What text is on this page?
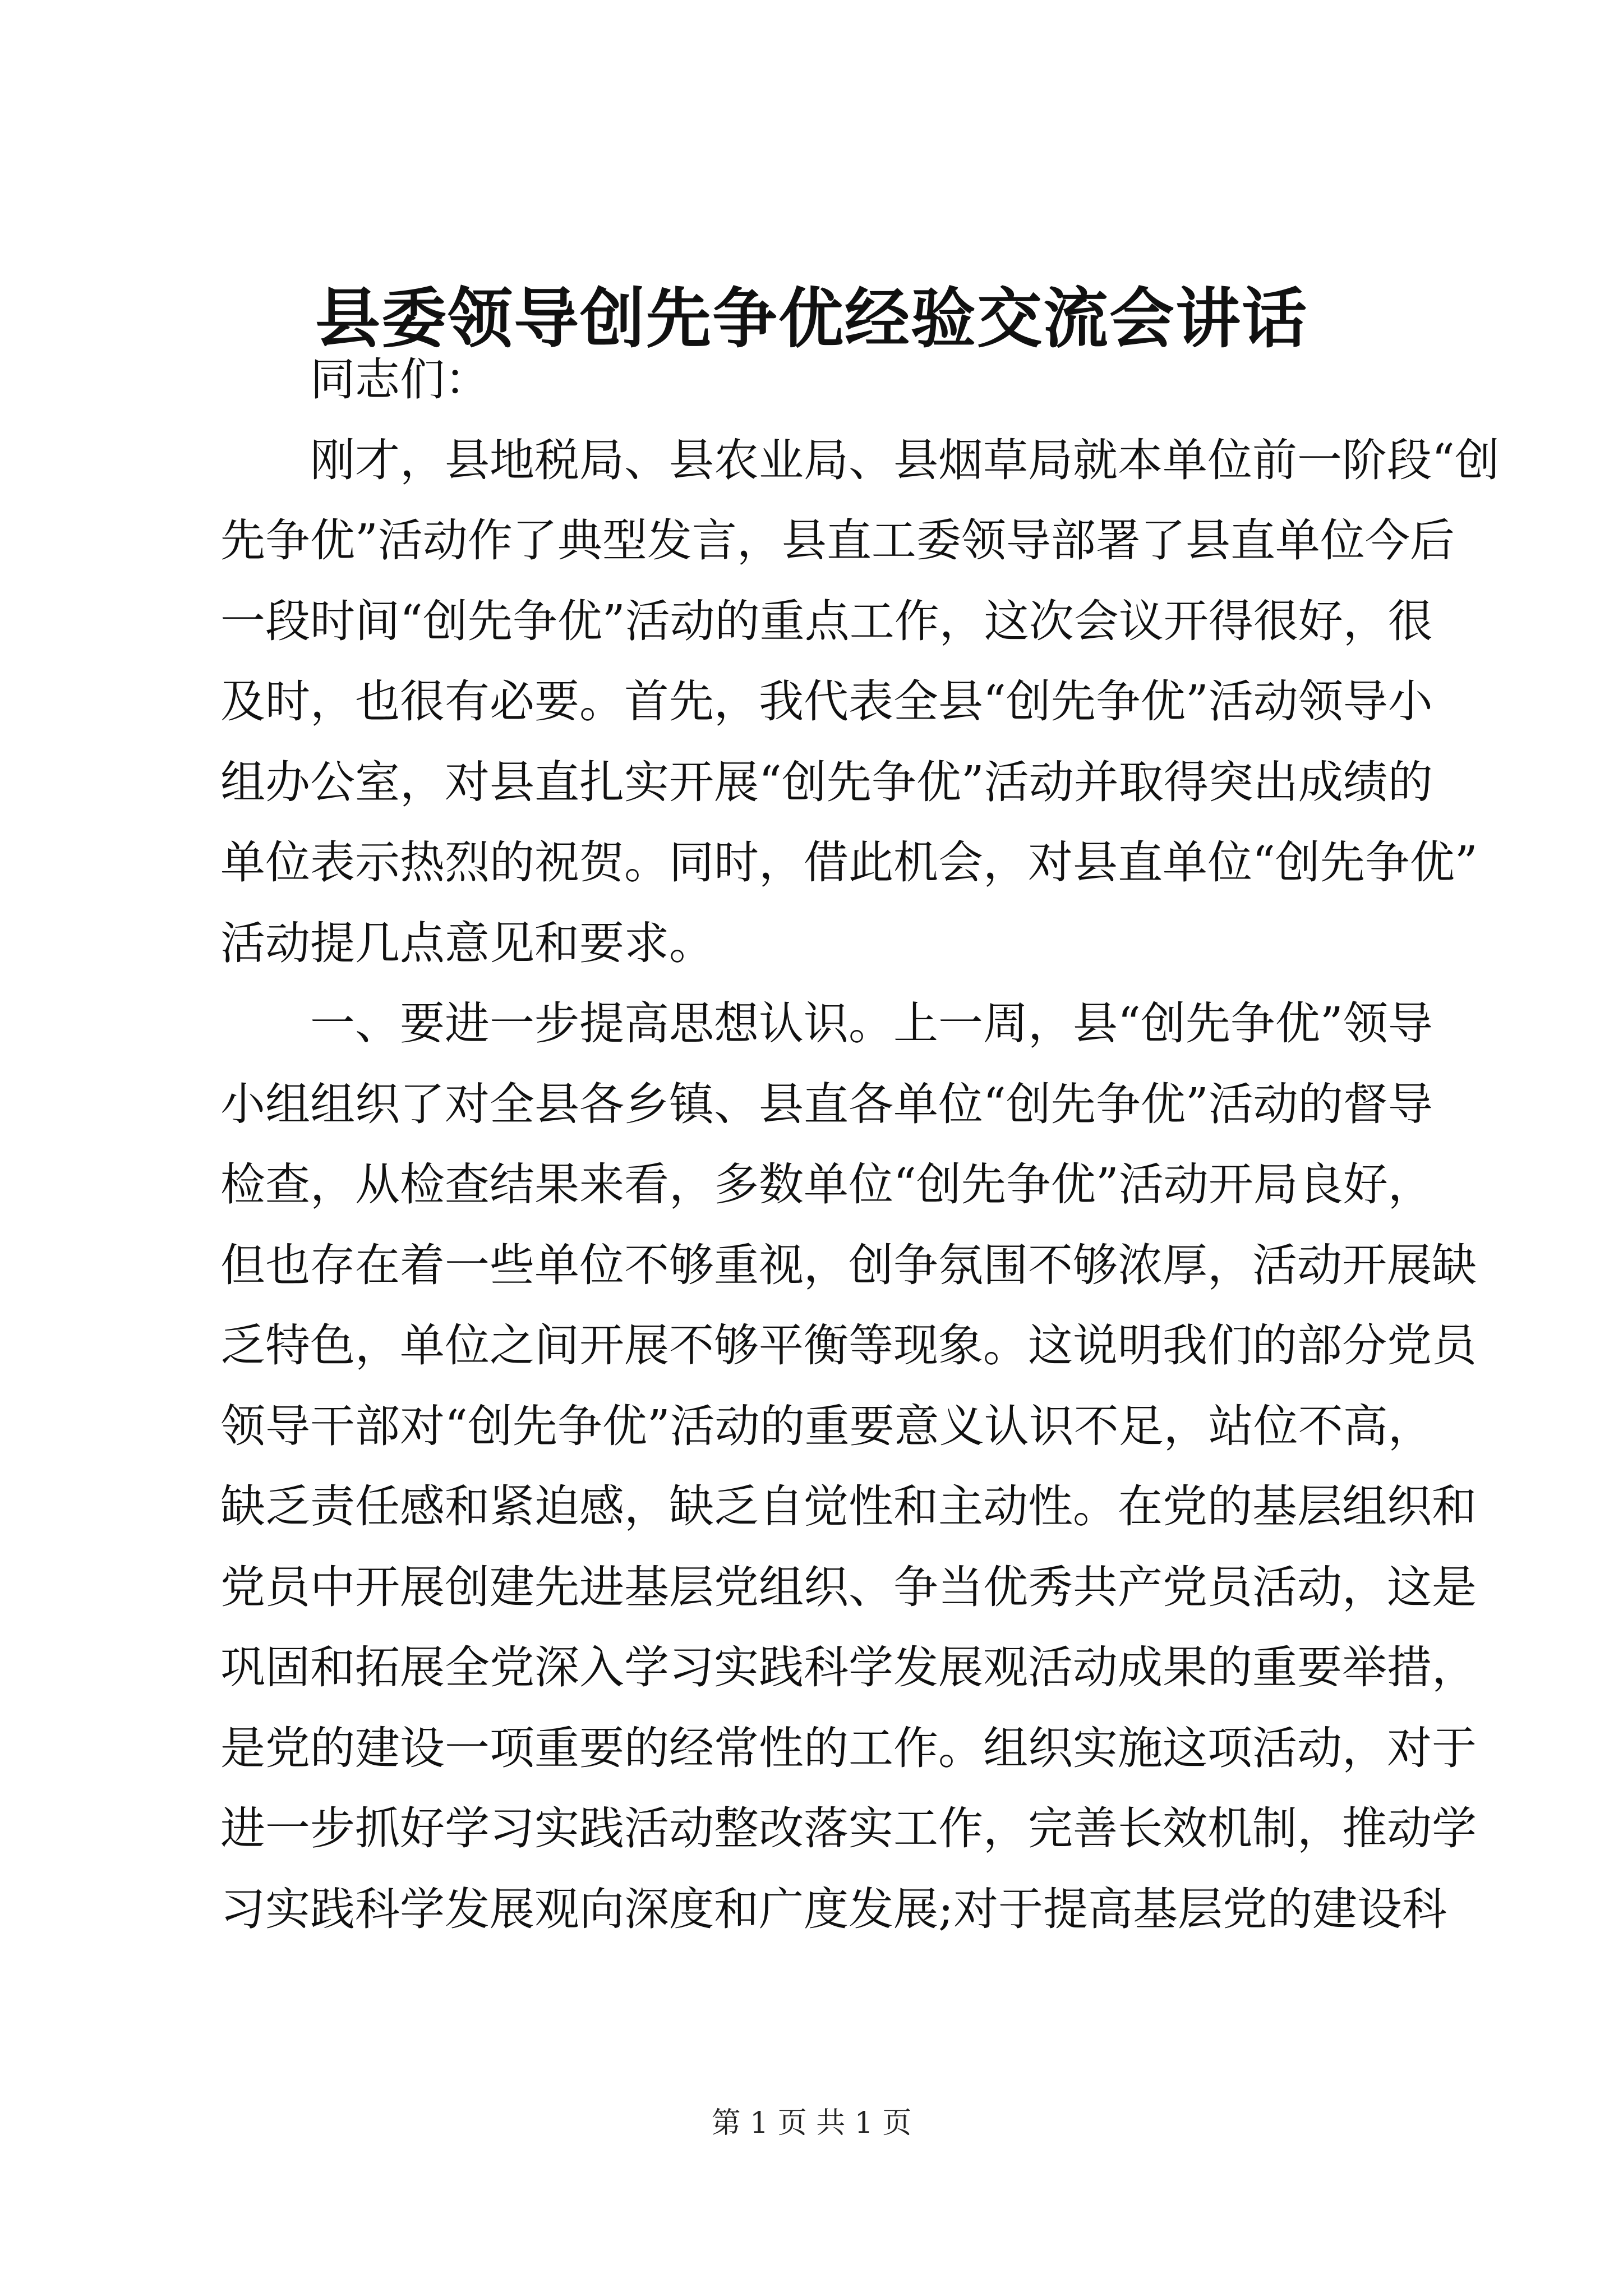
县委领导创先争优经验交流会讲话
同志们：
刚才，县地税局、县农业局、县烟草局就本单位前一阶段“创
先争优”活动作了典型发言，县直工委领导部署了县直单位今后
一段时间“创先争优”活动的重点工作，这次会议开得很好，很
及时，也很有必要。首先，我代表全县“创先争优”活动领导小
组办公室，对县直扎实开展“创先争优”活动并取得突出成绩的
单位表示热烈的祝贺。同时，借此机会，对县直单位“创先争优”
活动提几点意见和要求。
一、要进一步提高思想认识。上一周，县“创先争优”领导
小组组织了对全县各乡镇、县直各单位“创先争优”活动的督导
检查，从检查结果来看，多数单位“创先争优”活动开局良好，
但也存在着一些单位不够重视，创争氛围不够浓厚，活动开展缺
乏特色，单位之间开展不够平衡等现象。这说明我们的部分党员
领导干部对“创先争优”活动的重要意义认识不足，站位不高，
缺乏责任感和紧迫感，缺乏自觉性和主动性。在党的基层组织和
党员中开展创建先进基层党组织、争当优秀共产党员活动，这是
巩固和拓展全党深入学习实践科学发展观活动成果的重要举措，
是党的建设一项重要的经常性的工作。组织实施这项活动，对于
进一步抓好学习实践活动整改落实工作，完善长效机制，推动学
习实践科学发展观向深度和广度发展;对于提高基层党的建设科
第 1 页 共 1 页
